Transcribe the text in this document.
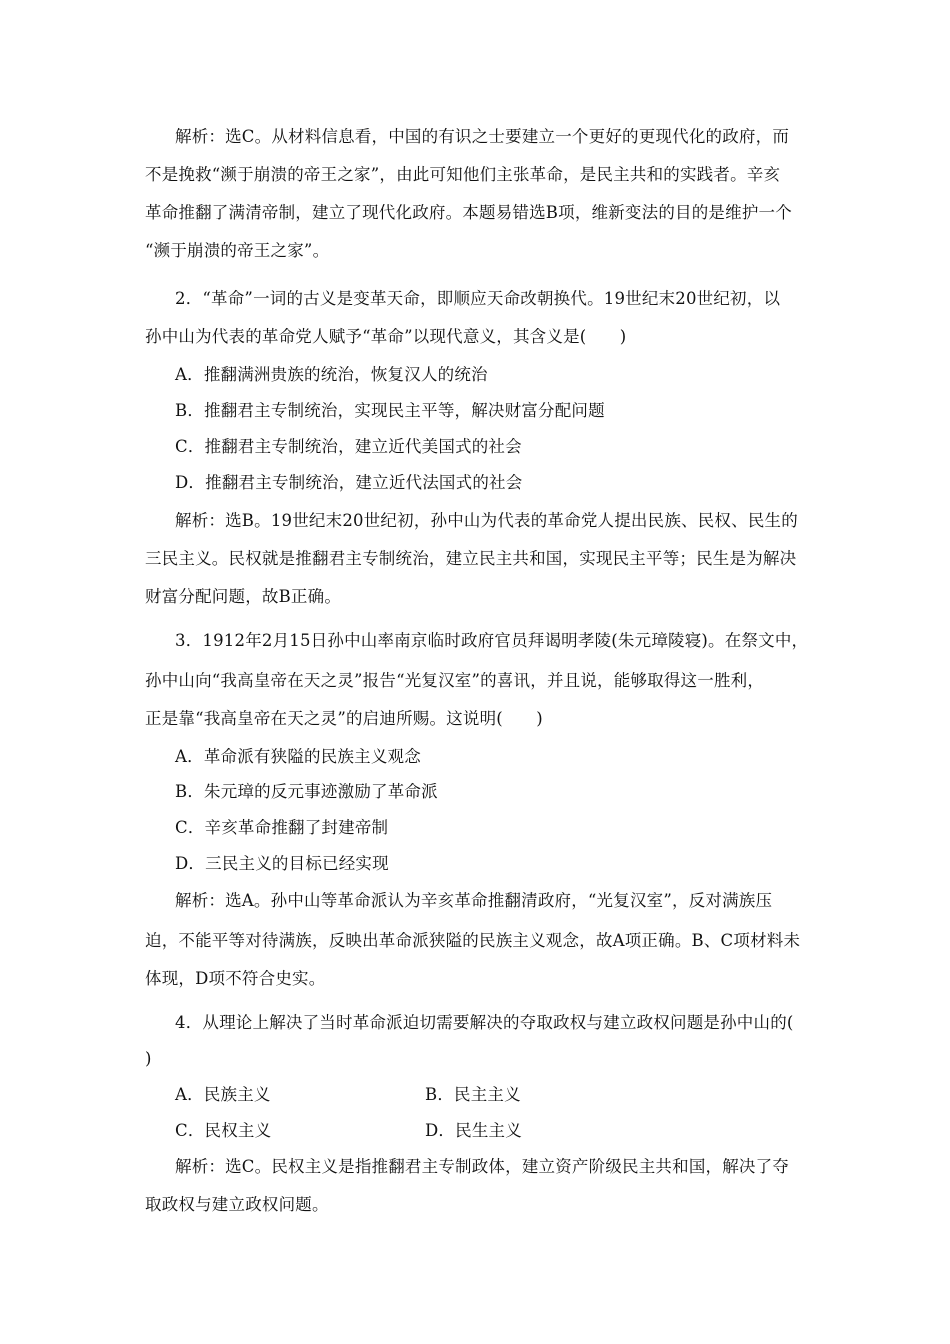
解析：选C。从材料信息看，中国的有识之士要建立一个更好的更现代化的政府，而
不是挽救“濒于崩溃的帝王之家”，由此可知他们主张革命，是民主共和的实践者。辛亥
革命推翻了满清帝制，建立了现代化政府。本题易错选B项，维新变法的目的是维护一个
“濒于崩溃的帝王之家”。
2．“革命”一词的古义是变革天命，即顺应天命改朝换代。19世纪末20世纪初，以
孙中山为代表的革命党人赋予“革命”以现代意义，其含义是(　　)
A．推翻满洲贵族的统治，恢复汉人的统治
B．推翻君主专制统治，实现民主平等，解决财富分配问题
C．推翻君主专制统治，建立近代美国式的社会
D．推翻君主专制统治，建立近代法国式的社会
解析：选B。19世纪末20世纪初，孙中山为代表的革命党人提出民族、民权、民生的
三民主义。民权就是推翻君主专制统治，建立民主共和国，实现民主平等；民生是为解决
财富分配问题，故B正确。
3．1912年2月15日孙中山率南京临时政府官员拜谒明孝陵(朱元璋陵寝)。在祭文中，
孙中山向“我高皇帝在天之灵”报告“光复汉室”的喜讯，并且说，能够取得这一胜利，
正是靠“我高皇帝在天之灵”的启迪所赐。这说明(　　)
A．革命派有狭隘的民族主义观念
B．朱元璋的反元事迹激励了革命派
C．辛亥革命推翻了封建帝制
D．三民主义的目标已经实现
解析：选A。孙中山等革命派认为辛亥革命推翻清政府，“光复汉室”，反对满族压
迫，不能平等对待满族，反映出革命派狭隘的民族主义观念，故A项正确。B、C项材料未
体现，D项不符合史实。
4．从理论上解决了当时革命派迫切需要解决的夺取政权与建立政权问题是孙中山的(
)
A．民族主义	B．民主主义
C．民权主义	D．民生主义
解析：选C。民权主义是指推翻君主专制政体，建立资产阶级民主共和国，解决了夺
取政权与建立政权问题。
